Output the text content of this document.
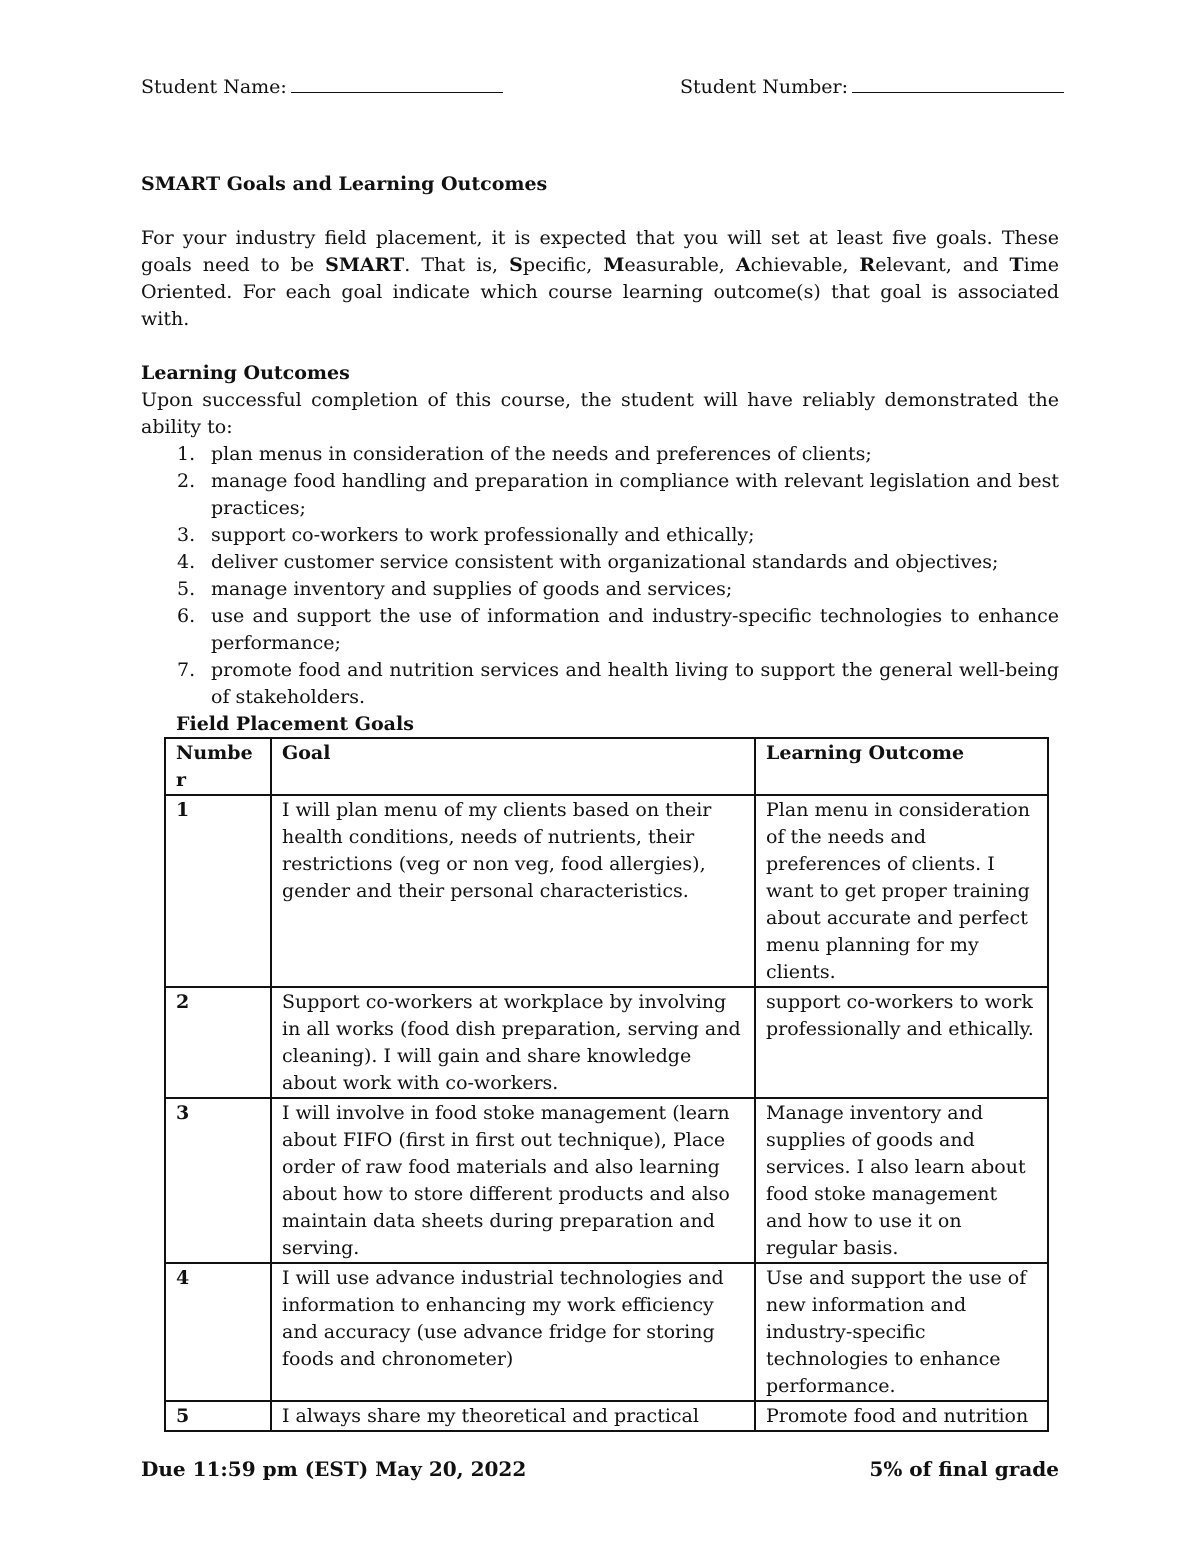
Student Name:	Student Number:

SMART Goals and Learning Outcomes

For your industry field placement, it is expected that you will set at least five goals. These goals need to be SMART. That is, Specific, Measurable, Achievable, Relevant, and Time Oriented. For each goal indicate which course learning outcome(s) that goal is associated with.

Learning Outcomes

Upon successful completion of this course, the student will have reliably demonstrated the ability to:

1. plan menus in consideration of the needs and preferences of clients;
2. manage food handling and preparation in compliance with relevant legislation and best practices;
3. support co-workers to work professionally and ethically;
4. deliver customer service consistent with organizational standards and objectives;
5. manage inventory and supplies of goods and services;
6. use and support the use of information and industry-specific technologies to enhance performance;
7. promote food and nutrition services and health living to support the general well-being of stakeholders.
Field Placement Goals
Numbe r	Goal	Learning Outcome
1	I will plan menu of my clients based on their health conditions, needs of nutrients, their restrictions (veg or non veg, food allergies), gender and their personal characteristics.	Plan menu in consideration of the needs and preferences of clients. I want to get proper training about accurate and perfect menu planning for my clients.
2	Support co-workers at workplace by involving in all works (food dish preparation, serving and cleaning). I will gain and share knowledge about work with co-workers.	support co-workers to work professionally and ethically.
3	I will involve in food stoke management (learn about FIFO (first in first out technique), Place order of raw food materials and also learning about how to store different products and also maintain data sheets during preparation and serving.	Manage inventory and supplies of goods and services. I also learn about food stoke management and how to use it on regular basis.
4	I will use advance industrial technologies and information to enhancing my work efficiency and accuracy (use advance fridge for storing foods and chronometer)	Use and support the use of new information and industry-specific technologies to enhance performance.
5	I always share my theoretical and practical	Promote food and nutrition
Due 11:59 pm (EST) May 20, 2022	5% of final grade
